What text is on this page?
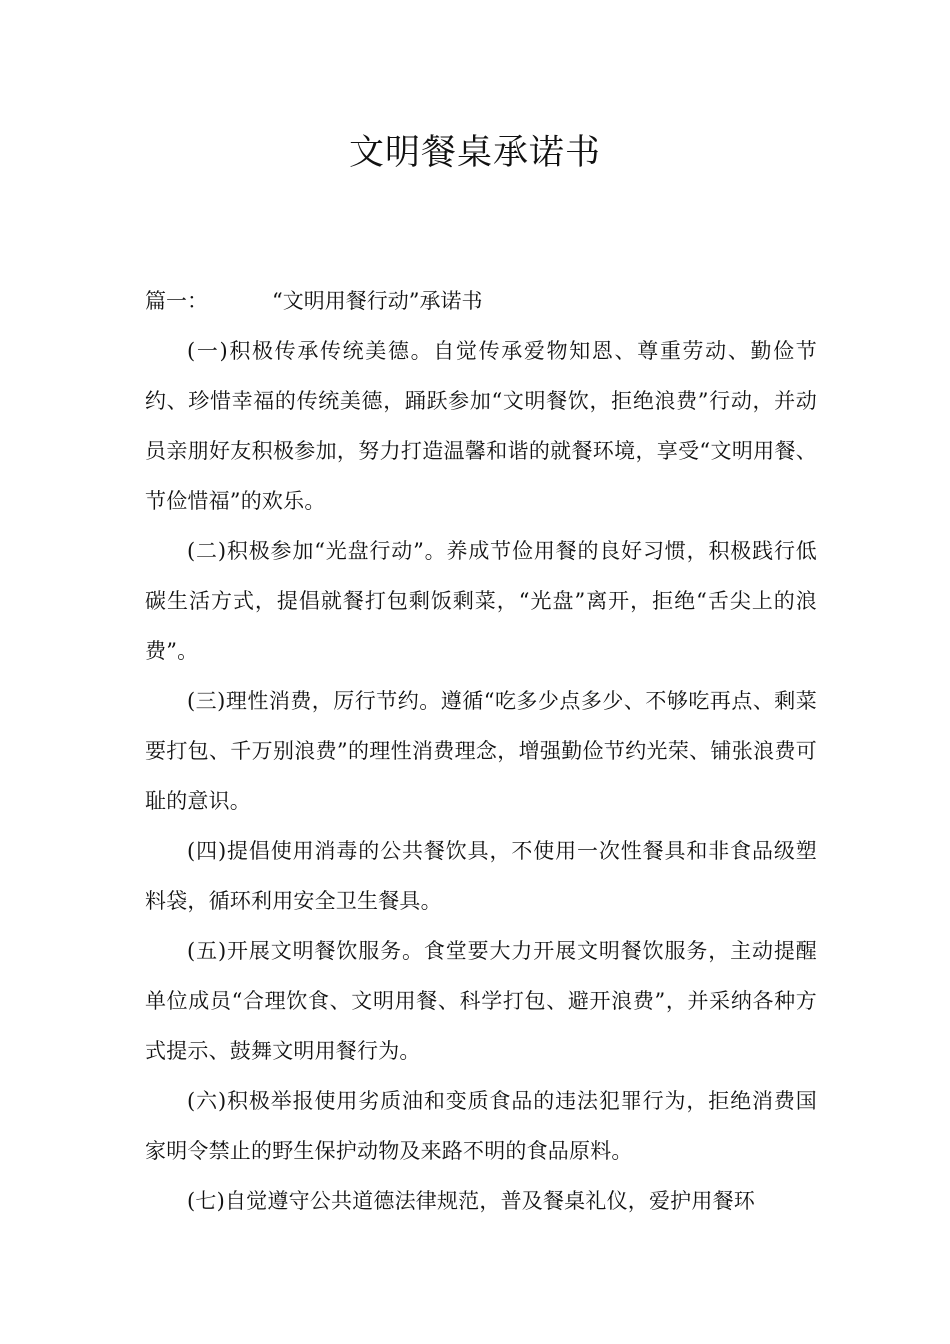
文明餐桌承诺书

篇一：	“文明用餐行动”承诺书

(一)积极传承传统美德。自觉传承爱物知恩、尊重劳动、勤俭节约、珍惜幸福的传统美德，踊跃参加“文明餐饮，拒绝浪费”行动，并动员亲朋好友积极参加，努力打造温馨和谐的就餐环境，享受“文明用餐、节俭惜福”的欢乐。

(二)积极参加“光盘行动”。养成节俭用餐的良好习惯，积极践行低碳生活方式，提倡就餐打包剩饭剩菜，“光盘”离开，拒绝“舌尖上的浪费”。

(三)理性消费，厉行节约。遵循“吃多少点多少、不够吃再点、剩菜要打包、千万别浪费”的理性消费理念，增强勤俭节约光荣、铺张浪费可耻的意识。

(四)提倡使用消毒的公共餐饮具，不使用一次性餐具和非食品级塑料袋，循环利用安全卫生餐具。

(五)开展文明餐饮服务。食堂要大力开展文明餐饮服务，主动提醒单位成员“合理饮食、文明用餐、科学打包、避开浪费”，并采纳各种方式提示、鼓舞文明用餐行为。

(六)积极举报使用劣质油和变质食品的违法犯罪行为，拒绝消费国家明令禁止的野生保护动物及来路不明的食品原料。

(七)自觉遵守公共道德法律规范，普及餐桌礼仪，爱护用餐环
